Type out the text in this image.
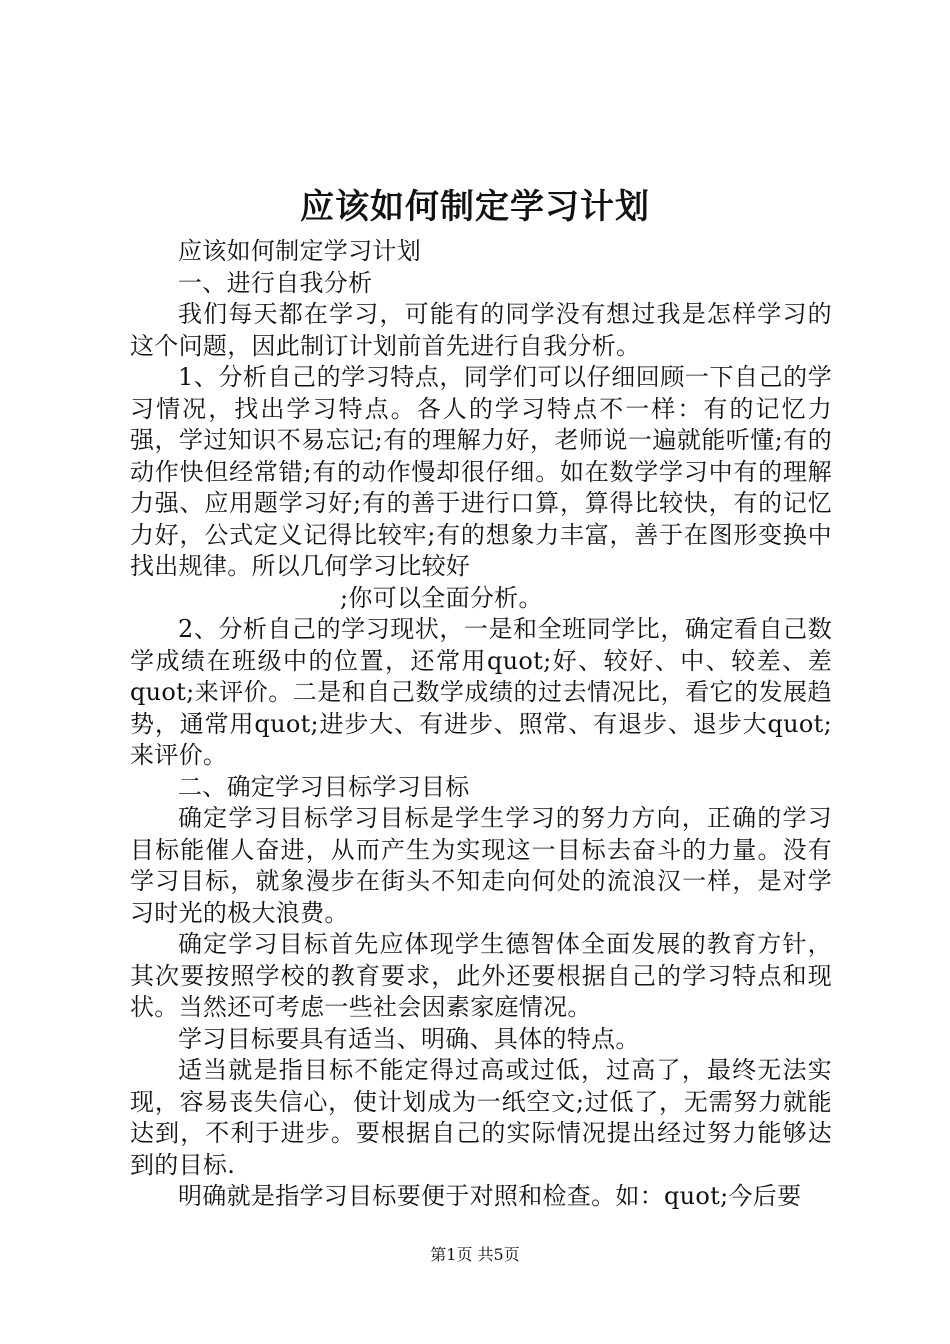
应该如何制定学习计划

应该如何制定学习计划

一、进行自我分析

我们每天都在学习，可能有的同学没有想过我是怎样学习的这个问题，因此制订计划前首先进行自我分析。

1、分析自己的学习特点，同学们可以仔细回顾一下自己的学习情况，找出学习特点。各人的学习特点不一样：有的记忆力强，学过知识不易忘记;有的理解力好，老师说一遍就能听懂;有的动作快但经常错;有的动作慢却很仔细。如在数学学习中有的理解力强、应用题学习好;有的善于进行口算，算得比较快，有的记忆力好，公式定义记得比较牢;有的想象力丰富，善于在图形变换中找出规律。所以几何学习比较好

;你可以全面分析。

2、分析自己的学习现状，一是和全班同学比，确定看自己数学成绩在班级中的位置，还常用quot;好、较好、中、较差、差quot;来评价。二是和自己数学成绩的过去情况比，看它的发展趋势，通常用quot;进步大、有进步、照常、有退步、退步大quot;来评价。

二、确定学习目标学习目标

确定学习目标学习目标是学生学习的努力方向，正确的学习目标能催人奋进，从而产生为实现这一目标去奋斗的力量。没有学习目标，就象漫步在街头不知走向何处的流浪汉一样，是对学习时光的极大浪费。

确定学习目标首先应体现学生德智体全面发展的教育方针，其次要按照学校的教育要求，此外还要根据自己的学习特点和现状。当然还可考虑一些社会因素家庭情况。

学习目标要具有适当、明确、具体的特点。

适当就是指目标不能定得过高或过低，过高了，最终无法实现，容易丧失信心，使计划成为一纸空文;过低了，无需努力就能达到，不利于进步。要根据自己的实际情况提出经过努力能够达到的目标.

明确就是指学习目标要便于对照和检查。如：quot;今后要

第1页 共5页
